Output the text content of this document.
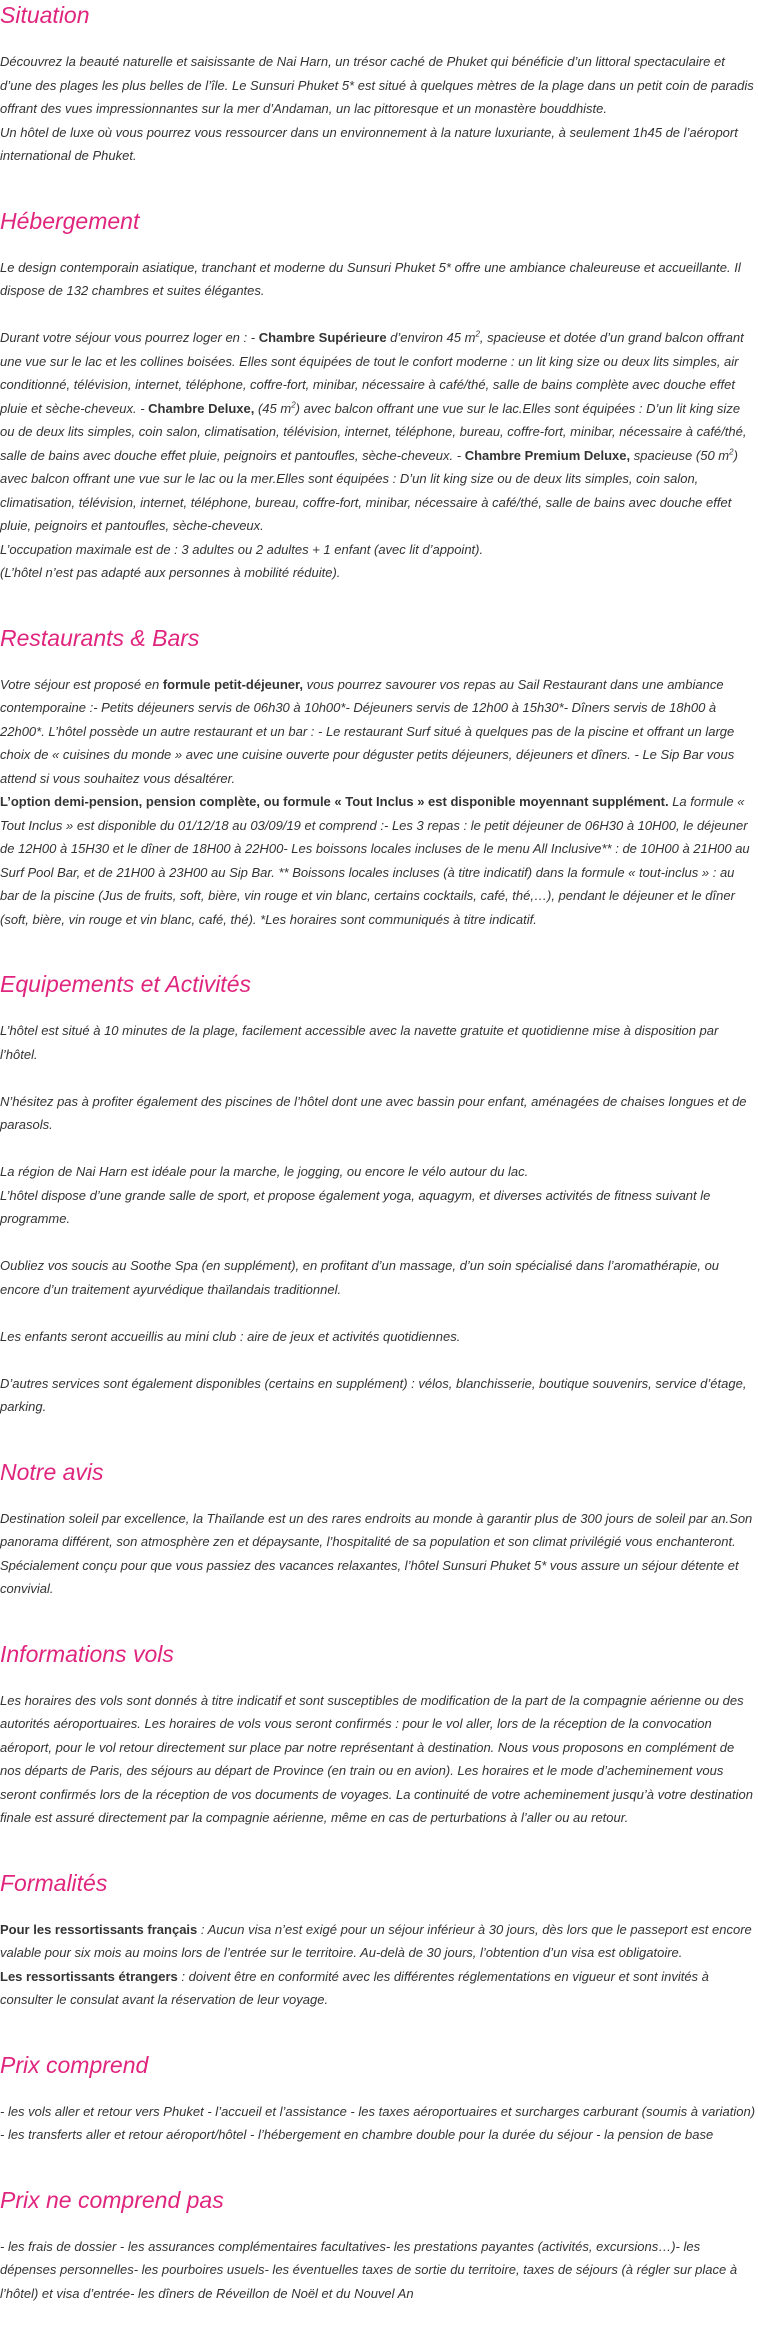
Situation

Découvrez la beauté naturelle et saisissante de Nai Harn, un trésor caché de Phuket qui bénéficie d’un littoral spectaculaire et d’une des plages les plus belles de l’île. Le Sunsuri Phuket 5* est situé à quelques mètres de la plage dans un petit coin de paradis offrant des vues impressionnantes sur la mer d’Andaman, un lac pittoresque et un monastère bouddhiste.

Un hôtel de luxe où vous pourrez vous ressourcer dans un environnement à la nature luxuriante, à seulement 1h45 de l’aéroport international de Phuket.

Hébergement

Le design contemporain asiatique, tranchant et moderne du Sunsuri Phuket 5* offre une ambiance chaleureuse et accueillante. Il dispose de 132 chambres et suites élégantes.

Durant votre séjour vous pourrez loger en : - Chambre Supérieure d’environ 45 $m^2$, spacieuse et dotée d’un grand balcon offrant une vue sur le lac et les collines boisées. Elles sont équipées de tout le confort moderne : un lit king size ou deux lits simples, air conditionné, télévision, internet, téléphone, coffre-fort, minibar, nécessaire à café/thé, salle de bains complète avec douche effet pluie et sèche-cheveux. - Chambre Deluxe, (45 $m^2$) avec balcon offrant une vue sur le lac.Elles sont équipées : D’un lit king size ou de deux lits simples, coin salon, climatisation, télévision, internet, téléphone, bureau, coffre-fort, minibar, nécessaire à café/thé, salle de bains avec douche effet pluie, peignoirs et pantoufles, sèche-cheveux. - Chambre Premium Deluxe, spacieuse (50 $m^2$) avec balcon offrant une vue sur le lac ou la mer.Elles sont équipées : D’un lit king size ou de deux lits simples, coin salon, climatisation, télévision, internet, téléphone, bureau, coffre-fort, minibar, nécessaire à café/thé, salle de bains avec douche effet pluie, peignoirs et pantoufles, sèche-cheveux.

L’occupation maximale est de : 3 adultes ou 2 adultes + 1 enfant (avec lit d’appoint).

(L’hôtel n’est pas adapté aux personnes à mobilité réduite).

Restaurants & Bars

Votre séjour est proposé en formule petit-déjeuner, vous pourrez savourer vos repas au Sail Restaurant dans une ambiance contemporaine :- Petits déjeuners servis de 06h30 à 10h00*- Déjeuners servis de 12h00 à 15h30*- Dîners servis de 18h00 à 22h00*. L’hôtel possède un autre restaurant et un bar : - Le restaurant Surf situé à quelques pas de la piscine et offrant un large choix de « cuisines du monde » avec une cuisine ouverte pour déguster petits déjeuners, déjeuners et dîners. - Le Sip Bar vous attend si vous souhaitez vous désaltérer.

L’option demi-pension, pension complète, ou formule « Tout Inclus » est disponible moyennant supplément. La formule « Tout Inclus » est disponible du 01/12/18 au 03/09/19 et comprend :- Les 3 repas : le petit déjeuner de 06H30 à 10H00, le déjeuner de 12H00 à 15H30 et le dîner de 18H00 à 22H00- Les boissons locales incluses de le menu All Inclusive** : de 10H00 à 21H00 au Surf Pool Bar, et de 21H00 à 23H00 au Sip Bar. ** Boissons locales incluses (à titre indicatif) dans la formule « tout-inclus » : au bar de la piscine (Jus de fruits, soft, bière, vin rouge et vin blanc, certains cocktails, café, thé,…), pendant le déjeuner et le dîner (soft, bière, vin rouge et vin blanc, café, thé). *Les horaires sont communiqués à titre indicatif.

Equipements et Activités

L’hôtel est situé à 10 minutes de la plage, facilement accessible avec la navette gratuite et quotidienne mise à disposition par l’hôtel.

N’hésitez pas à profiter également des piscines de l’hôtel dont une avec bassin pour enfant, aménagées de chaises longues et de parasols.

La région de Nai Harn est idéale pour la marche, le jogging, ou encore le vélo autour du lac.

L’hôtel dispose d’une grande salle de sport, et propose également yoga, aquagym, et diverses activités de fitness suivant le programme.

Oubliez vos soucis au Soothe Spa (en supplément), en profitant d’un massage, d’un soin spécialisé dans l’aromathérapie, ou encore d’un traitement ayurvédique thaïlandais traditionnel.

Les enfants seront accueillis au mini club : aire de jeux et activités quotidiennes.

D’autres services sont également disponibles (certains en supplément) : vélos, blanchisserie, boutique souvenirs, service d’étage, parking.

Notre avis

Destination soleil par excellence, la Thaïlande est un des rares endroits au monde à garantir plus de 300 jours de soleil par an.Son panorama différent, son atmosphère zen et dépaysante, l’hospitalité de sa population et son climat privilégié vous enchanteront. Spécialement conçu pour que vous passiez des vacances relaxantes, l’hôtel Sunsuri Phuket 5* vous assure un séjour détente et convivial.

Informations vols

Les horaires des vols sont donnés à titre indicatif et sont susceptibles de modification de la part de la compagnie aérienne ou des autorités aéroportuaires. Les horaires de vols vous seront confirmés : pour le vol aller, lors de la réception de la convocation aéroport, pour le vol retour directement sur place par notre représentant à destination. Nous vous proposons en complément de nos départs de Paris, des séjours au départ de Province (en train ou en avion). Les horaires et le mode d’acheminement vous seront confirmés lors de la réception de vos documents de voyages. La continuité de votre acheminement jusqu’à votre destination finale est assuré directement par la compagnie aérienne, même en cas de perturbations à l’aller ou au retour.

Formalités

Pour les ressortissants français : Aucun visa n’est exigé pour un séjour inférieur à 30 jours, dès lors que le passeport est encore valable pour six mois au moins lors de l’entrée sur le territoire. Au-delà de 30 jours, l’obtention d’un visa est obligatoire.

Les ressortissants étrangers : doivent être en conformité avec les différentes réglementations en vigueur et sont invités à consulter le consulat avant la réservation de leur voyage.

Prix comprend

- les vols aller et retour vers Phuket - l’accueil et l’assistance - les taxes aéroportuaires et surcharges carburant (soumis à variation) - les transferts aller et retour aéroport/hôtel - l’hébergement en chambre double pour la durée du séjour - la pension de base

Prix ne comprend pas

- les frais de dossier - les assurances complémentaires facultatives- les prestations payantes (activités, excursions…)- les dépenses personnelles- les pourboires usuels- les éventuelles taxes de sortie du territoire, taxes de séjours (à régler sur place à l’hôtel) et visa d’entrée- les dîners de Réveillon de Noël et du Nouvel An
